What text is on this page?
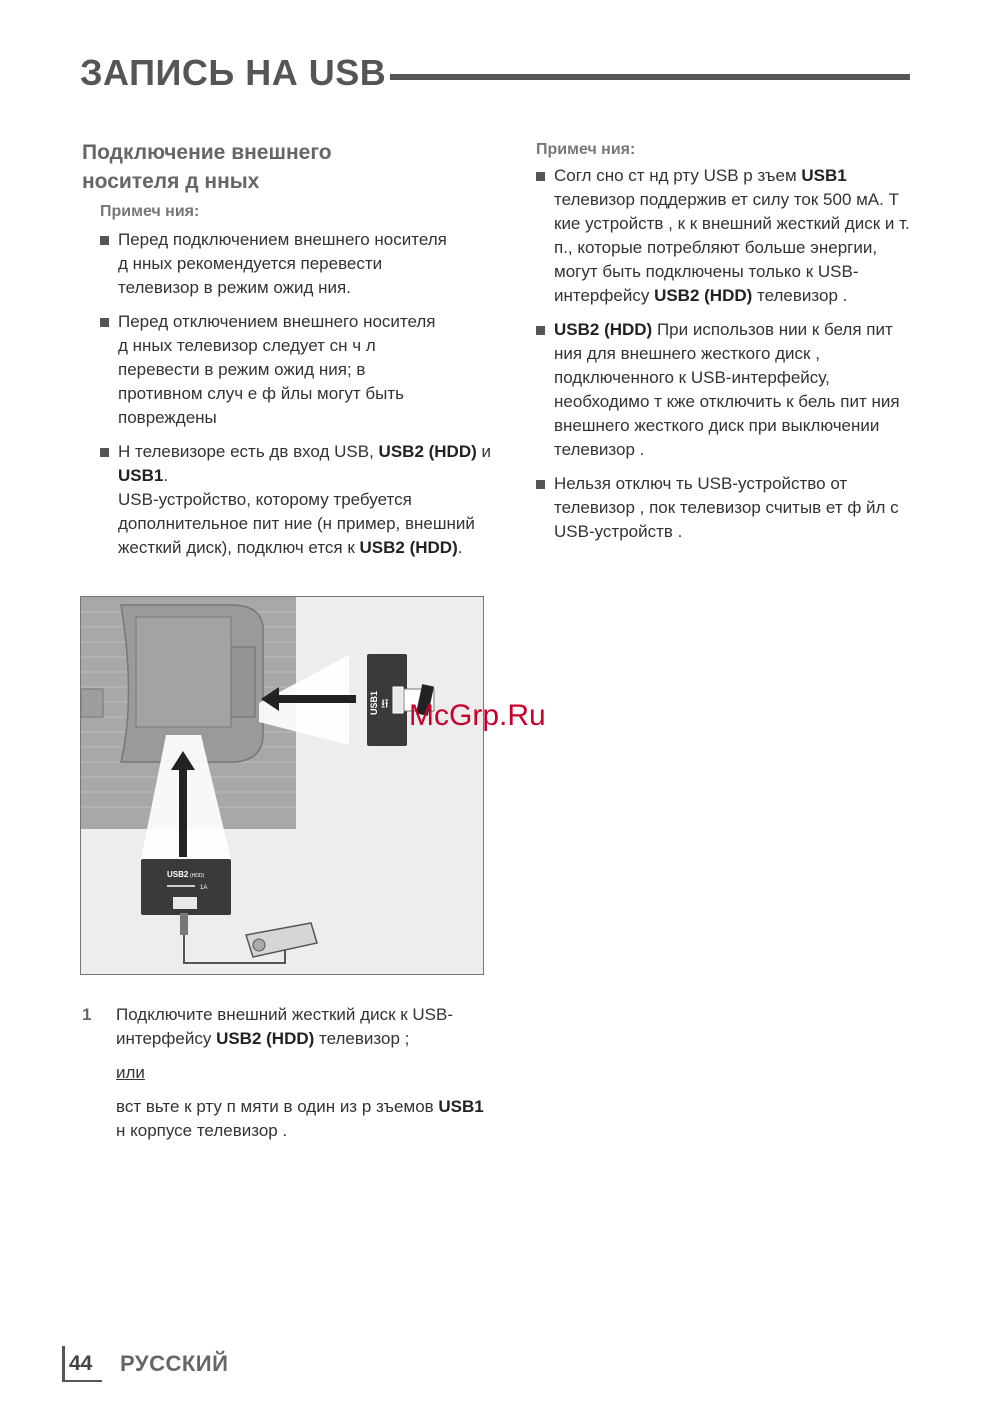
ЗАПИСЬ НА USB
Подключение внешнего носителя д нных
Примеч ния:
Перед подключением внешнего носителя
д нных рекомендуется перевести
телевизор в режим ожид ния.
Перед отключением внешнего носителя
д нных телевизор следует сн ч л
перевести в режим ожид ния; в
противном случ е ф йлы могут быть
повреждены
Н телевизоре есть дв вход USB, USB2 (HDD) и USB1.
USB-устройство, которому требуется дополнительное пит ние (н пример, внешний жесткий диск), подключ ется к USB2 (HDD).
Примеч ния:
Согл сно ст нд рту USB р зъем USB1 телевизор поддержив ет силу ток 500 мА. Т кие устройств , к к внешний жесткий диск и т. п., которые потребляют больше энергии, могут быть подключены только к USB-интерфейсу USB2 (HDD) телевизор .
USB2 (HDD) При использов нии к беля пит ния для внешнего жесткого диск , подключенного к USB-интерфейсу, необходимо т кже отключить к бель пит ния внешнего жесткого диск при выключении телевизор .
Нельзя отключ ть USB-устройство от телевизор , пок телевизор считыв ет ф йл с USB-устройств .
USB1 ⭿
USB2 (HDD)
1A
McGrp.Ru
1 Подключите внешний жесткий диск к USB-интерфейсу USB2 (HDD) телевизор ;
или
вст вьте к рту п мяти в один из р зъемов USB1 н корпусе телевизор .
44 РУССКИЙ
